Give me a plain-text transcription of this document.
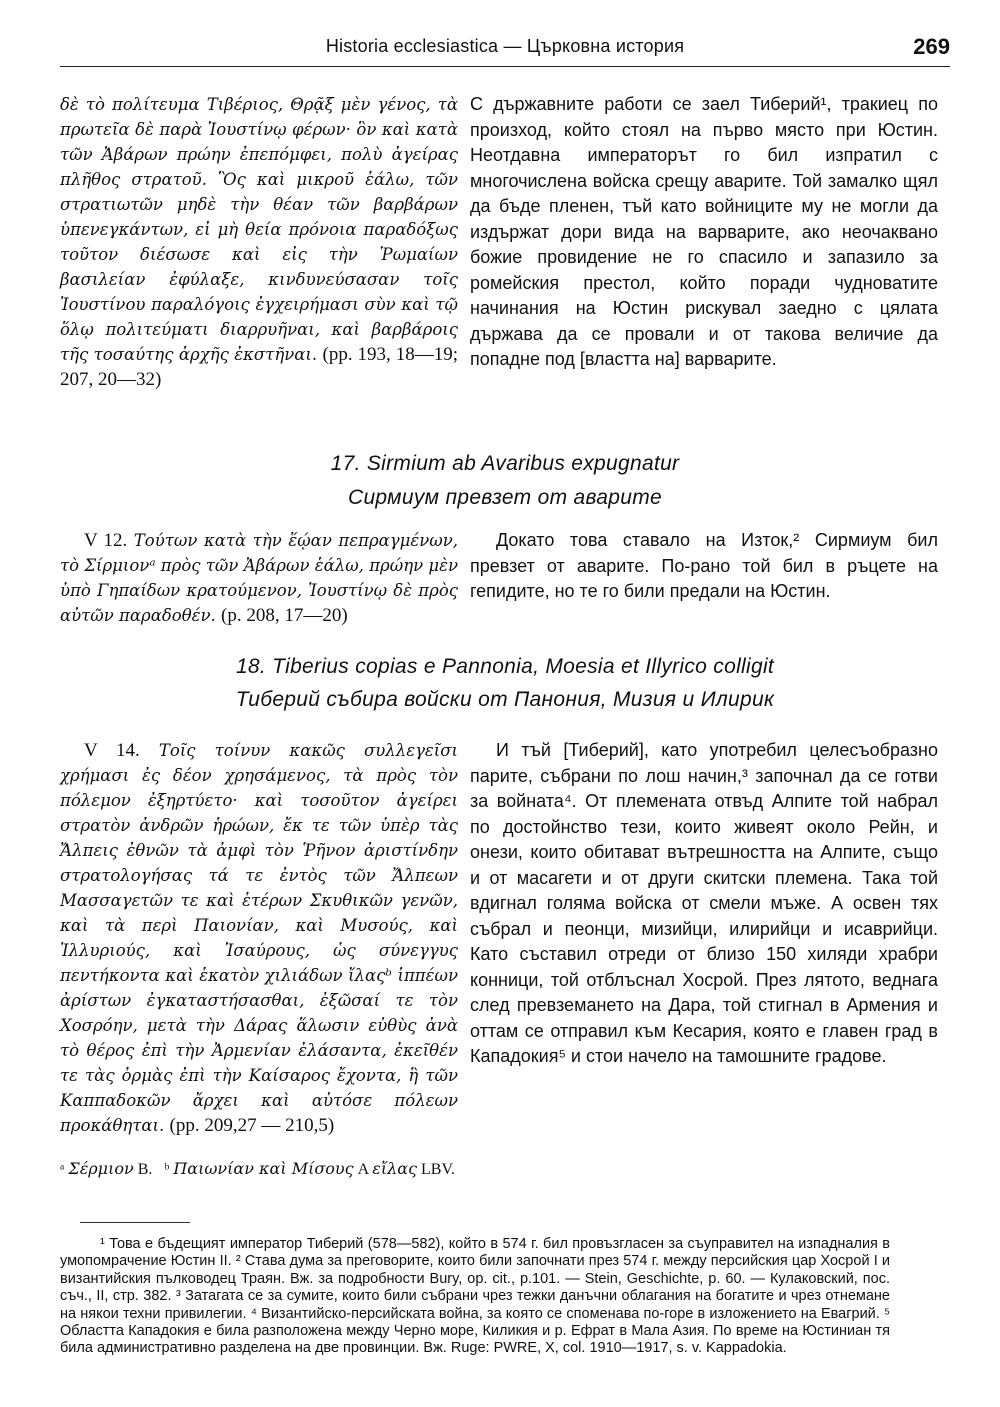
Historia ecclesiastica — Църковна история	269
δὲ τὸ πολίτευμα Τιβέριος, Θρᾷξ μὲν γένος, τὰ πρωτεῖα δὲ παρὰ Ἰουστίνῳ φέρων· ὃν καὶ κατὰ τῶν Ἀβάρων πρώην ἐπεπόμφει, πολὺ ἀγείρας πλῆθος στρατοῦ. Ὃς καὶ μικροῦ ἑάλω, τῶν στρατιωτῶν μηδὲ τὴν θέαν τῶν βαρβάρων ὑπενεγκάντων, εἰ μὴ θεία πρόνοια παραδόξως τοῦτον διέσωσε καὶ εἰς τὴν Ῥωμαίων βασιλείαν ἐφύλαξε, κινδυνεύσασαν τοῖς Ἰουστίνου παραλόγοις ἐγχειρήμασι σὺν καὶ τῷ ὅλῳ πολιτεύματι διαρρυῆναι, καὶ βαρβάροις τῆς τοσαύτης ἀρχῆς ἐκστῆναι. (pp. 193, 18—19; 207, 20—32)
С държавните работи се заел Тиберий¹, тракиец по произход, който стоял на първо място при Юстин. Неотдавна императорът го бил изпратил с многочислена войска срещу аварите. Той замалко щял да бъде пленен, тъй като войниците му не могли да издържат дори вида на варварите, ако неочаквано божие провидение не го спасило и запазило за ромейския престол, който поради чудноватите начинания на Юстин рискувал заедно с цялата държава да се провали и от такова величие да попадне под [властта на] варварите.
17. Sirmium ab Avaribus expugnatur
Сирмиум превзет от аварите
V 12. Τούτων κατὰ τὴν ἕῴαν πεπραγμένων, τὸ Σίρμιονᵃ πρὸς τῶν Ἀβάρων ἑάλω, πρώην μὲν ὑπὸ Γηπαίδων κρατούμενον, Ἰουστίνῳ δὲ πρὸς αὐτῶν παραδοθέν. (p. 208, 17—20)
Докато това ставало на Изток,² Сирмиум бил превзет от аварите. По-рано той бил в ръцете на гепидите, но те го били предали на Юстин.
18. Tiberius copias e Pannonia, Moesia et Illyrico colligit
Тиберий събира войски от Панония, Мизия и Илирик
V 14. Τοῖς τοίνυν κακῶς συλλεγεῖσι χρήμασι ἐς δέον χρησάμενος, τὰ πρὸς τὸν πόλεμον ἐξηρτύετο· καὶ τοσοῦτον ἀγείρει στρατὸν ἀνδρῶν ἡρώων, ἔκ τε τῶν ὑπὲρ τὰς Ἄλπεις ἐθνῶν τὰ ἀμφὶ τὸν Ῥῆνον ἀριστίνδην στρατολογήσας τά τε ἐντὸς τῶν Ἄλπεων Μασσαγετῶν τε καὶ ἑτέρων Σκυθικῶν γενῶν, καὶ τὰ περὶ Παιονίαν, καὶ Μυσούς, καὶ Ἰλλυριούς, καὶ Ἰσαύρους, ὡς σύνεγγυς πεντήκοντα καὶ ἑκατὸν χιλιάδων ἴλαςᵇ ἱππέων ἀρίστων ἐγκαταστήσασθαι, ἐξῶσαί τε τὸν Χοσρόην, μετὰ τὴν Δάρας ἅλωσιν εὐθὺς ἀνὰ τὸ θέρος ἐπὶ τὴν Ἀρμενίαν ἐλάσαντα, ἐκεῖθέν τε τὰς ὁρμὰς ἐπὶ τὴν Καίσαρος ἔχοντα, ἣ τῶν Καππαδοκῶν ἄρχει καὶ αὐτόσε πόλεων προκάθηται. (pp. 209,27 — 210,5)
И тъй [Тиберий], като употребил целесъобразно парите, събрани по лош начин,³ започнал да се готви за войната⁴. От племената отвъд Алпите той набрал по достойнство тези, които живеят около Рейн, и онези, които обитават вътрешността на Алпите, също и от масагети и от други скитски племена. Така той вдигнал голяма войска от смели мъже. А освен тях събрал и пеонци, мизийци, илирийци и исаврийци. Като съставил отреди от близо 150 хиляди храбри конници, той отблъснал Хосрой. През лятото, веднага след превземането на Дара, той стигнал в Армения и оттам се отправил към Кесария, която е главен град в Кападокия⁵ и стои начело на тамошните градове.
ᵃ Σέρμιον B. ᵇ Παιωνίαν καὶ Μίσους A εἴλας LBV.
¹ Това е бъдещият император Тиберий (578—582), който в 574 г. бил провъзгласен за съуправител на изпадналия в умопомрачение Юстин II. ² Става дума за преговорите, които били започнати през 574 г. между персийския цар Хосрой I и византийския пълководец Траян. Вж. за подробности Bury, op. cit., p.101. — Stein, Geschichte, p. 60. — Кулаковский, пос. съч., II, стр. 382. ³ Затагата се за сумите, които били събрани чрез тежки данъчни облагания на богатите и чрез отнемане на някои техни привилегии. ⁴ Византийско-персийската война, за която се споменава по-горе в изложението на Евагрий. ⁵ Областта Кападокия е била разположена между Черно море, Киликия и р. Ефрат в Мала Азия. По време на Юстиниан тя била административно разделена на две провинции. Вж. Ruge: PWRE, X, col. 1910—1917, s. v. Kappadokia.
